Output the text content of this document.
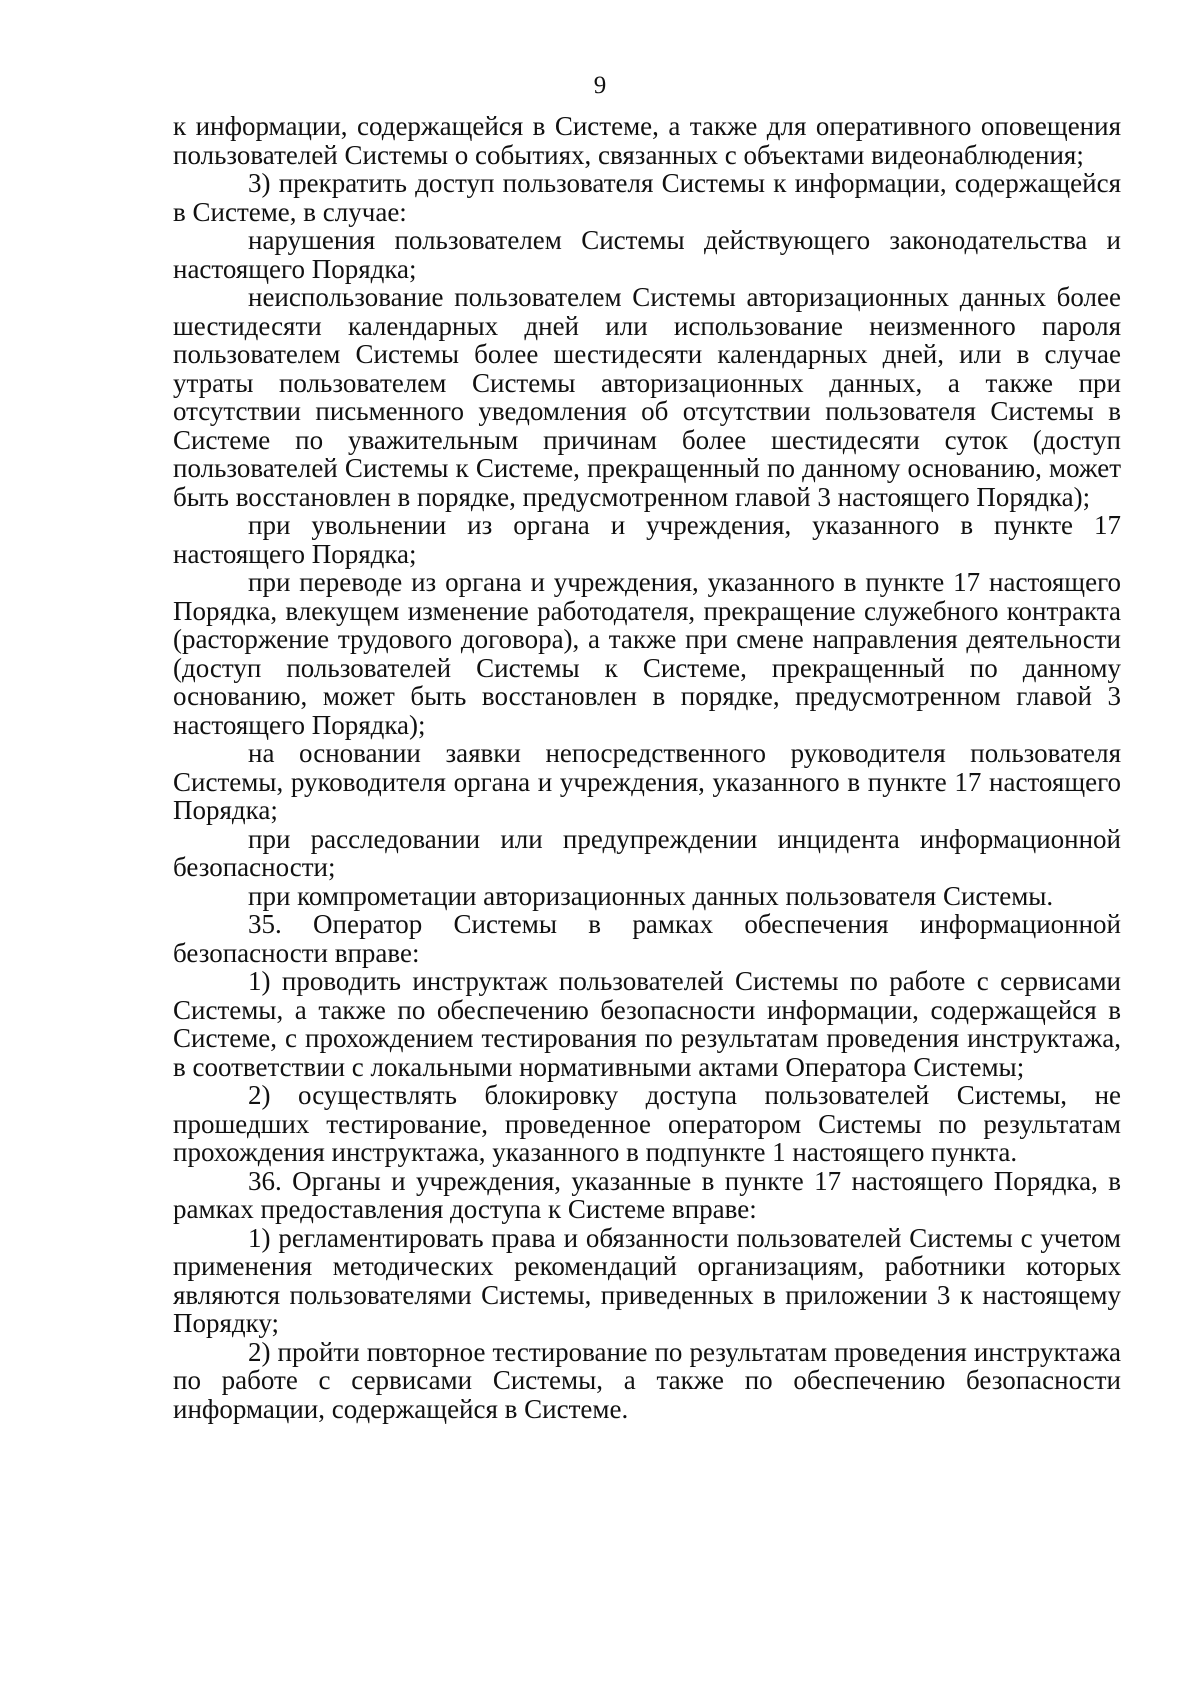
9

к информации, содержащейся в Системе, а также для оперативного оповещения пользователей Системы о событиях, связанных с объектами видеонаблюдения;

3) прекратить доступ пользователя Системы к информации, содержащейся в Системе, в случае:

нарушения пользователем Системы действующего законодательства и настоящего Порядка;

неиспользование пользователем Системы авторизационных данных более шестидесяти календарных дней или использование неизменного пароля пользователем Системы более шестидесяти календарных дней, или в случае утраты пользователем Системы авторизационных данных, а также при отсутствии письменного уведомления об отсутствии пользователя Системы в Системе по уважительным причинам более шестидесяти суток (доступ пользователей Системы к Системе, прекращенный по данному основанию, может быть восстановлен в порядке, предусмотренном главой 3 настоящего Порядка);

при увольнении из органа и учреждения, указанного в пункте 17 настоящего Порядка;

при переводе из органа и учреждения, указанного в пункте 17 настоящего Порядка, влекущем изменение работодателя, прекращение служебного контракта (расторжение трудового договора), а также при смене направления деятельности (доступ пользователей Системы к Системе, прекращенный по данному основанию, может быть восстановлен в порядке, предусмотренном главой 3 настоящего Порядка);

на основании заявки непосредственного руководителя пользователя Системы, руководителя органа и учреждения, указанного в пункте 17 настоящего Порядка;

при расследовании или предупреждении инцидента информационной безопасности;

при компрометации авторизационных данных пользователя Системы.

35. Оператор Системы в рамках обеспечения информационной безопасности вправе:

1) проводить инструктаж пользователей Системы по работе с сервисами Системы, а также по обеспечению безопасности информации, содержащейся в Системе, с прохождением тестирования по результатам проведения инструктажа, в соответствии с локальными нормативными актами Оператора Системы;

2) осуществлять блокировку доступа пользователей Системы, не прошедших тестирование, проведенное оператором Системы по результатам прохождения инструктажа, указанного в подпункте 1 настоящего пункта.

36. Органы и учреждения, указанные в пункте 17 настоящего Порядка, в рамках предоставления доступа к Системе вправе:

1) регламентировать права и обязанности пользователей Системы с учетом применения методических рекомендаций организациям, работники которых являются пользователями Системы, приведенных в приложении 3 к настоящему Порядку;

2) пройти повторное тестирование по результатам проведения инструктажа по работе с сервисами Системы, а также по обеспечению безопасности информации, содержащейся в Системе.
